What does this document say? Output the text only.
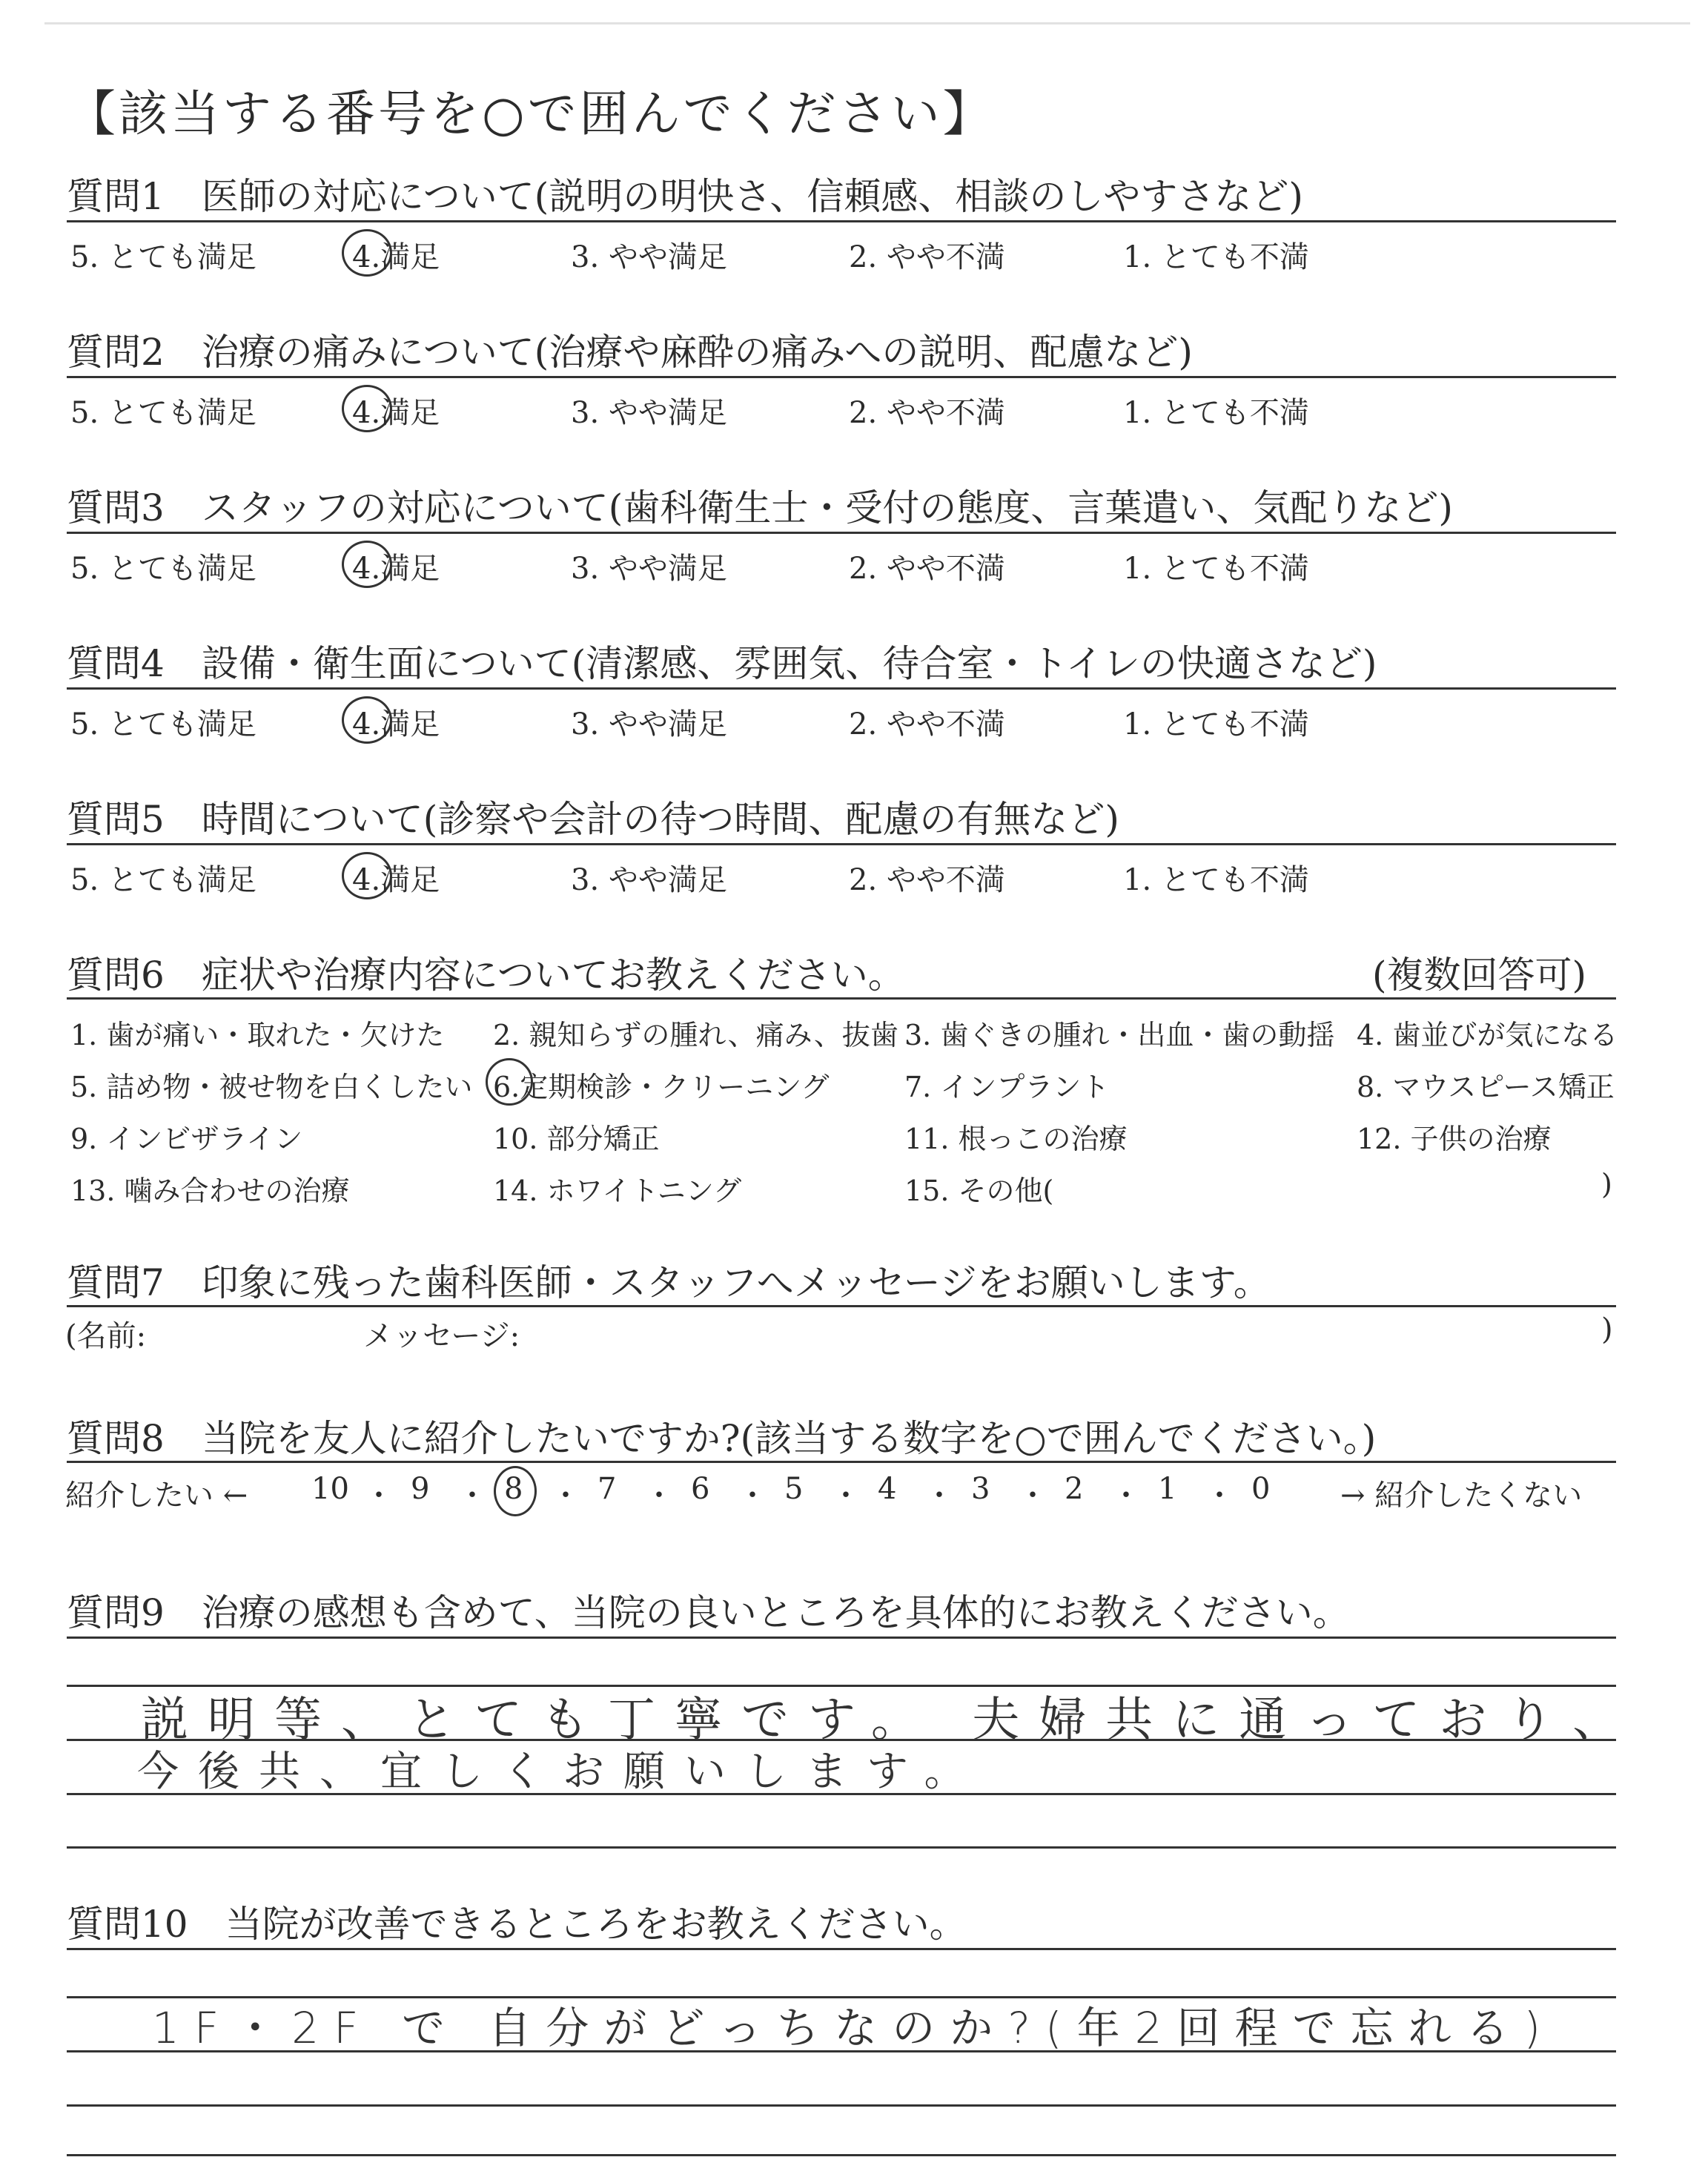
【該当する番号を○で囲んでください】
質問1　 医師の対応について(説明の明快さ、信頼感、相談のしやすさなど)
5. とても満足	4.満足	3. やや満足	2. やや不満	1. とても不満
質問2　 治療の痛みについて(治療や麻酔の痛みへの説明、配慮など)
5. とても満足	4.満足	3. やや満足	2. やや不満	1. とても不満
質問3　 スタッフの対応について(歯科衛生士・受付の態度、言葉遣い、気配りなど)
5. とても満足	4.満足	3. やや満足	2. やや不満	1. とても不満
質問4　 設備・衛生面について(清潔感、雰囲気、待合室・トイレの快適さなど)
5. とても満足	4.満足	3. やや満足	2. やや不満	1. とても不満
質問5　 時間について(診察や会計の待つ時間、配慮の有無など)
5. とても満足	4.満足	3. やや満足	2. やや不満	1. とても不満
質問6　 症状や治療内容についてお教えください。	(複数回答可)
1. 歯が痛い・取れた・欠けた 2. 親知らずの腫れ、痛み、抜歯 3. 歯ぐきの腫れ・出血・歯の動揺 4. 歯並びが気になる
5. 詰め物・被せ物を白くしたい 6.定期検診・クリーニング	7. インプラント	8. マウスピース矯正
9. インビザライン	10. 部分矯正	11. 根っこの治療	12. 子供の治療
13. 噛み合わせの治療	14. ホワイトニング	15. その他(	)
質問7　 印象に残った歯科医師・スタッフへメッセージをお願いします。
(名前:	メッセージ:	)
質問8　 当院を友人に紹介したいですか?(該当する数字を○で囲んでください。)
紹介したい ← 10 ・ 9 ・ 8 ・ 7 ・ 6 ・ 5 ・ 4 ・ 3 ・ 2 ・ 1 ・ 0 → 紹介したくない
質問9　 治療の感想も含めて、当院の良いところを具体的にお教えください。
説明等、とても丁寧です。 夫婦共に通っており、
今後共、宜しくお願いします。
質問10　 当院が改善できるところをお教えください。
1F・2F で 自分がどっちなのか?(年2回程で忘れる)
